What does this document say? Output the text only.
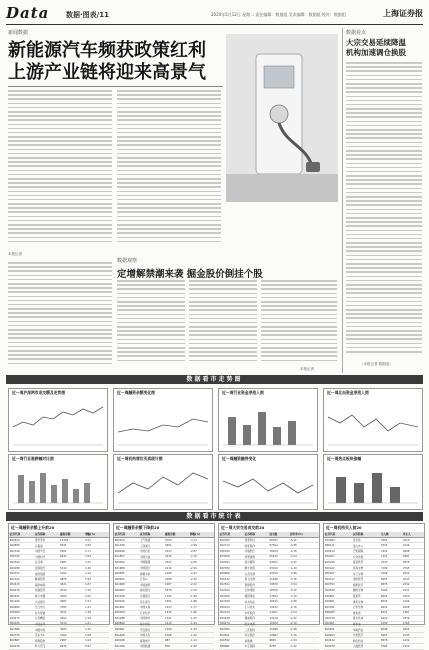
Data 数据·图表/11	2020年5月12日 星期二 责任编辑：数据组 美术编辑：数据组 校对：数据组	上海证券报
新闻数据
新能源汽车频获政策红利
上游产业链将迎来高景气
本报记者
数据观察
定增解禁潮来袭 掘金股价倒挂个股
本报记者
数据看点
大宗交易延续降温
机构加速调仓换股
（本报记者 数据组）
数据看市走势图
近一周沪深两市成交额及走势图	近一周融资余额变化图	近一周行业资金净流入图	近一周北向资金净流入图
近一周行业涨跌幅对比图	近一周机构席位买卖统计图	近一周融资融券变化	近一周热点板块涨幅
数据看市统计表
近一周融资余额上升前20
证券代码	证券简称	融资余额	增幅(%)
600519	贵州茅台	12456	3.21
000858	五粮液	8345	2.95
601318	中国平安	7821	2.71
300750	宁德时代	6432	2.54
002594	比亚迪	5987	2.41
600036	招商银行	5410	2.30
000333	美的集团	5102	2.12
601012	隆基股份	4876	1.98
002415	海康威视	4521	1.87
600276	恒瑞医药	4310	1.76
000651	格力电器	4105	1.65
601166	兴业银行	3987	1.54
600900	长江电力	3765	1.43
300059	东方财富	3521	1.38
002475	立讯精密	3402	1.29
600030	中信证券	3310	1.21
601888	中国中免	3205	1.15
000725	京东方A	3104	1.08
600887	伊利股份	2987	1.02
002230	科大讯飞	2876	0.97
近一周融资余额下降前20
证券代码	证券简称	融资余额	降幅(%)
600104	上汽集团	2765	-3.12
601398	工商银行	2654	-2.98
600028	中国石化	2543	-2.87
601857	中国石油	2432	-2.76
600050	中国联通	2321	-2.65
601988	中国银行	2210	-2.54
600585	海螺水泥	2109	-2.43
000002	万科A	2008	-2.32
601668	中国建筑	1987	-2.21
600000	浦发银行	1876	-2.10
601328	交通银行	1765	-1.99
600016	民生银行	1654	-1.88
601601	中国太保	1543	-1.77
600309	万华化学	1432	-1.66
601088	中国神华	1321	-1.55
600690	海尔智家	1210	-1.44
000001	平安银行	1109	-1.33
601628	中国人寿	1008	-1.22
600048	保利地产	987	-1.11
601186	中国铁建	876	-1.00
近一周大宗交易成交前20
证券代码	证券简称	成交额	折价率(%)
600745	闻泰科技	98765	-5.12
002714	牧原股份	87654	-4.98
300760	迈瑞医疗	76543	-4.76
603259	药明康德	65432	-4.54
300015	爱尔眼科	54321	-4.32
002352	顺丰控股	43210	-4.10
600809	山西汾酒	32109	-3.98
300122	智飞生物	21098	-3.76
002812	恩捷股份	19876	-3.54
300014	亿纬锂能	18765	-3.32
002460	赣锋锂业	17654	-3.10
603799	华友钴业	16543	-2.98
300124	汇川技术	15432	-2.76
002129	中环股份	14321	-2.54
600438	通威股份	13210	-2.32
300274	阳光电源	12109	-2.10
002050	三花智控	11098	-1.98
603501	韦尔股份	10987	-1.76
300782	卓胜微	9876	-1.54
688981	中芯国际	8765	-1.32
近一周机构买入前20
证券代码	证券简称	买入额	净买入
300999	金龙鱼	7654	3210
688111	金山办公	7543	3109
300413	芒果超媒	7432	3008
002027	分众传媒	7321	2987
600196	复星医药	7210	2876
300142	沃森生物	7109	2765
002007	华兰生物	7008	2654
300347	泰格医药	6987	2543
600763	通策医疗	6876	2432
300529	健帆生物	6765	2321
002821	凯莱英	6654	2210
300601	康泰生物	6543	2109
603392	万泰生物	6432	2008
688185	康希诺	6321	1987
300759	康龙化成	6210	1876
002001	新和成	6109	1765
600521	华海药业	6008	1654
300003	乐普医疗	5987	1543
002422	科伦药业	5876	1432
600079	人福医药	5765	1321
